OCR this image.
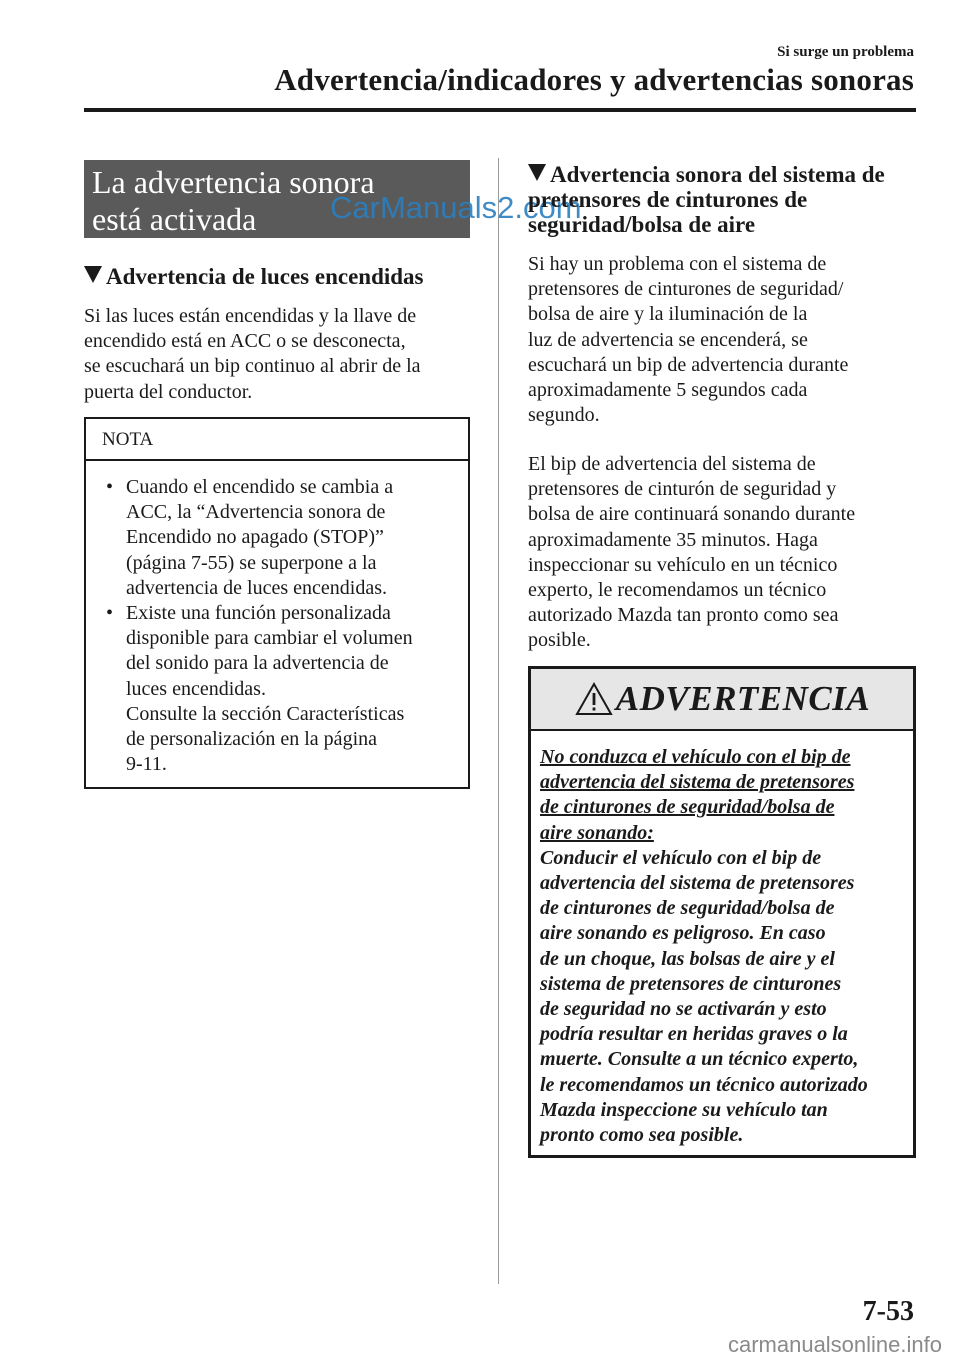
Si surge un problema
Advertencia/indicadores y advertencias sonoras
La advertencia sonora
está activada	CarManuals2.com
Advertencia de luces encendidas
Si las luces están encendidas y la llave de
encendido está en ACC o se desconecta,
se escuchará un bip continuo al abrir de la
puerta del conductor.
NOTA
• Cuando el encendido se cambia a
ACC, la “Advertencia sonora de
Encendido no apagado (STOP)”
(página 7-55) se superpone a la
advertencia de luces encendidas.
• Existe una función personalizada
disponible para cambiar el volumen
del sonido para la advertencia de
luces encendidas.
Consulte la sección Características
de personalización en la página
9-11.
Advertencia sonora del sistema de
pretensores de cinturones de
seguridad/bolsa de aire
Si hay un problema con el sistema de
pretensores de cinturones de seguridad/
bolsa de aire y la iluminación de la
luz de advertencia se encenderá, se
escuchará un bip de advertencia durante
aproximadamente 5 segundos cada
segundo.
El bip de advertencia del sistema de
pretensores de cinturón de seguridad y
bolsa de aire continuará sonando durante
aproximadamente 35 minutos. Haga
inspeccionar su vehículo en un técnico
experto, le recomendamos un técnico
autorizado Mazda tan pronto como sea
posible.
ADVERTENCIA
No conduzca el vehículo con el bip de
advertencia del sistema de pretensores
de cinturones de seguridad/bolsa de
aire sonando:
Conducir el vehículo con el bip de
advertencia del sistema de pretensores
de cinturones de seguridad/bolsa de
aire sonando es peligroso. En caso
de un choque, las bolsas de aire y el
sistema de pretensores de cinturones
de seguridad no se activarán y esto
podría resultar en heridas graves o la
muerte. Consulte a un técnico experto,
le recomendamos un técnico autorizado
Mazda inspeccione su vehículo tan
pronto como sea posible.
7-53
carmanualsonline.info
